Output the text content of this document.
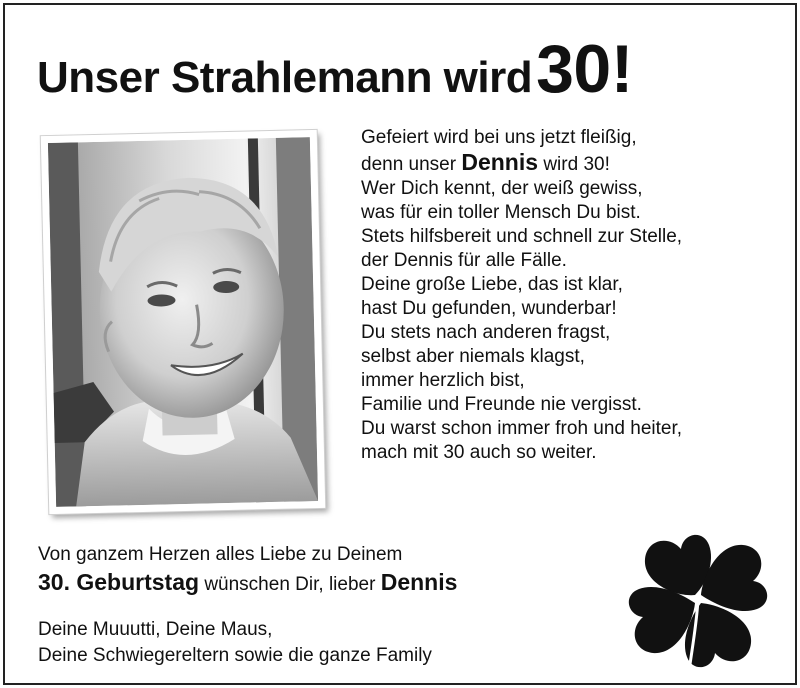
Unser Strahlemann wird 30!
Gefeiert wird bei uns jetzt fleißig,
denn unser Dennis wird 30!
Wer Dich kennt, der weiß gewiss,
was für ein toller Mensch Du bist.
Stets hilfsbereit und schnell zur Stelle,
der Dennis für alle Fälle.
Deine große Liebe, das ist klar,
hast Du gefunden, wunderbar!
Du stets nach anderen fragst,
selbst aber niemals klagst,
immer herzlich bist,
Familie und Freunde nie vergisst.
Du warst schon immer froh und heiter,
mach mit 30 auch so weiter.
Von ganzem Herzen alles Liebe zu Deinem
30. Geburtstag wünschen Dir, lieber Dennis
Deine Muuutti, Deine Maus,
Deine Schwiegereltern sowie die ganze Family
